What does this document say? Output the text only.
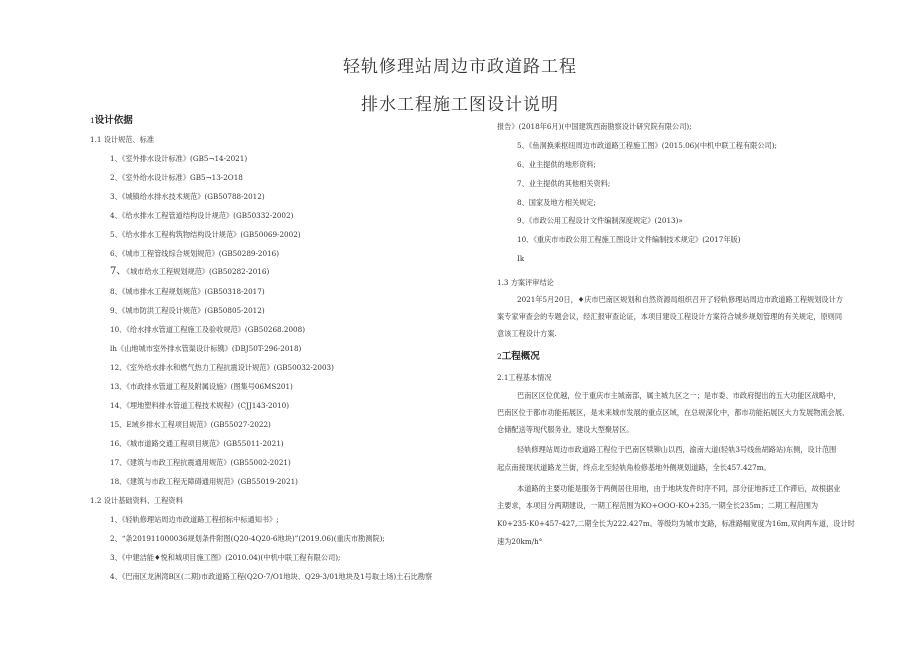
轻轨修理站周边市政道路工程
排水工程施工图设计说明
1设计依据
1.1 设计规范、标准
1、《室外排水设计标准》(GB5¬14-2021)
2、《室外给水设计标准》GB5¬13-2O18
3、《城镇给水排水技术规范》(GB50788-2012)
4、《给水排水工程管道结构设计规范》(GB50332-2002)
5、《给水排水工程构筑物结构设计规范》(GB50069-2002)
6、《城市工程管线综合规划规范》(GB50289-2016)
7、《城市给水工程规划规范》(GB50282-2016)
8、《城市排水工程规划规范》(GB50318-2017)
9、《城市防洪工程设计规范》(GB50805-2012)
10、《给水排水管道工程施工及验收规范》(GB50268.2008)
lh《山地城市室外排水管渠设计标镌》(DBJ50T-296-2018)
12、《室外给水排水和燃气热力工程抗震设计规范》(GB50032-2003)
13、《市政排水管道工程及附属设施》(图集号06MS201)
14、《埋地塑料排水管道工程技术规程》(CJJ143-2010)
15、E域乡排水工程项目规范》(GB55027-2022)
16、《城市道路交通工程项目规范》(GB55011-2021)
17、《建筑与市政工程抗震通用规范》(GB55002-2021)
18、《建筑与市政工程无障碍通用规范》(GB55019-2021)
1.2 设计基础资料、工程资料
1、《轻轨修理站周边市政道路工程招标中标通知书》;
2、“条201911000036规划条件附图(Q20-4Q20-6地块)”(2019.06)(重庆市勘测院);
3、《中建洁能♦悦和城项目施工图》(2010.04)(中机中联工程有限公司);
4、《巴南区龙洲湾B区(二期)市政道路工程(Q2O-7/O1地块、Q29-3/01地块及1号取土场)土石比勘察
报告》(2018年6月)(中国建筑西南勘察设计研究院有限公司);
5、《鱼洞换乘枢纽周边市政道路工程施工图》(2015.06)(中机中联工程有限公司);
6、业主提供的地形资料;
7、业主提供的其他相关资料;
8、国家及地方相关规定;
9、《市政公用工程设计文件编制深度规定》(2013)»
10、《重庆市市政公用工程施工图设计文件编制技术规定》(2017年版)
Ik
1.3 方案评审结论
2021年5月20日，♦庆市巴南区规划和自然资源局组织召开了轻轨修理站周边市政道路工程规划设计方
案专家审查会的专题会议，经汇报审查论证，本项目建设工程设计方案符合城乡规划管理的有关规定，原则同
意该工程设计方案.
2工程概况
2.1工程基本情况
巴南区区位优越，位于重庆市主城南部，属主城九区之一；是市委、市政府提出的五大功能区战略中，
巴南区位于都市功能拓展区，是未来城市发展的重点区域，在总规深化中，都市功能拓展区大力发展物流会展、
仓储配送等现代服务业，建设大型聚居区。
轻轨修理站周边市政道路工程位于巴南区犊铆山以西，渝南大道(轻轨3号线鱼胡路站)东侧，设计范围
起点南接现状道路龙兰街，终点北至轻轨角检修基地外侧规划道路，全长457.427m。
本道路的主要功能是服务于两侧居住用地，由于地块发件时序不同，部分征地拆迁工作滞后，故根据业
主要求，本项目分两期建设，一期工程范围为KO+OOO-KO+235,一期全长235m；二期工程范围为
K0+235-K0+457-427,二期全长为222.427m。等级均为城市支路，标准路幅宽度为16m,双向两车道，设计时
速为20km/h°
